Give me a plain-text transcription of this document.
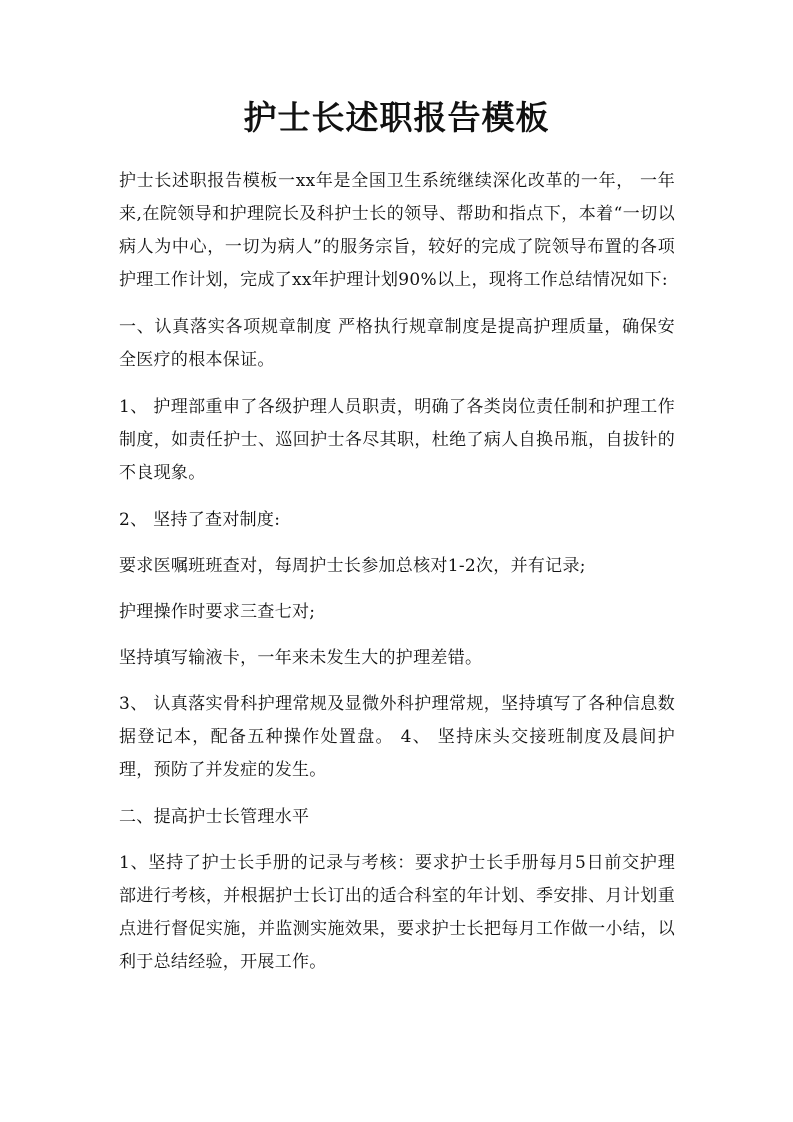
护士长述职报告模板

护士长述职报告模板一xx年是全国卫生系统继续深化改革的一年， 一年来,在院领导和护理院长及科护士长的领导、帮助和指点下，本着“一切以病人为中心，一切为病人”的服务宗旨，较好的完成了院领导布置的各项护理工作计划，完成了xx年护理计划90%以上，现将工作总结情况如下:

一、认真落实各项规章制度 严格执行规章制度是提高护理质量，确保安全医疗的根本保证。

1、 护理部重申了各级护理人员职责，明确了各类岗位责任制和护理工作制度，如责任护士、巡回护士各尽其职，杜绝了病人自换吊瓶，自拔针的不良现象。

2、 坚持了查对制度:

要求医嘱班班查对，每周护士长参加总核对1-2次，并有记录;

护理操作时要求三查七对;

坚持填写输液卡，一年来未发生大的护理差错。

3、 认真落实骨科护理常规及显微外科护理常规，坚持填写了各种信息数据登记本，配备五种操作处置盘。 4、 坚持床头交接班制度及晨间护理，预防了并发症的发生。

二、提高护士长管理水平

1、坚持了护士长手册的记录与考核：要求护士长手册每月5日前交护理部进行考核，并根据护士长订出的适合科室的年计划、季安排、月计划重点进行督促实施，并监测实施效果，要求护士长把每月工作做一小结，以利于总结经验，开展工作。
